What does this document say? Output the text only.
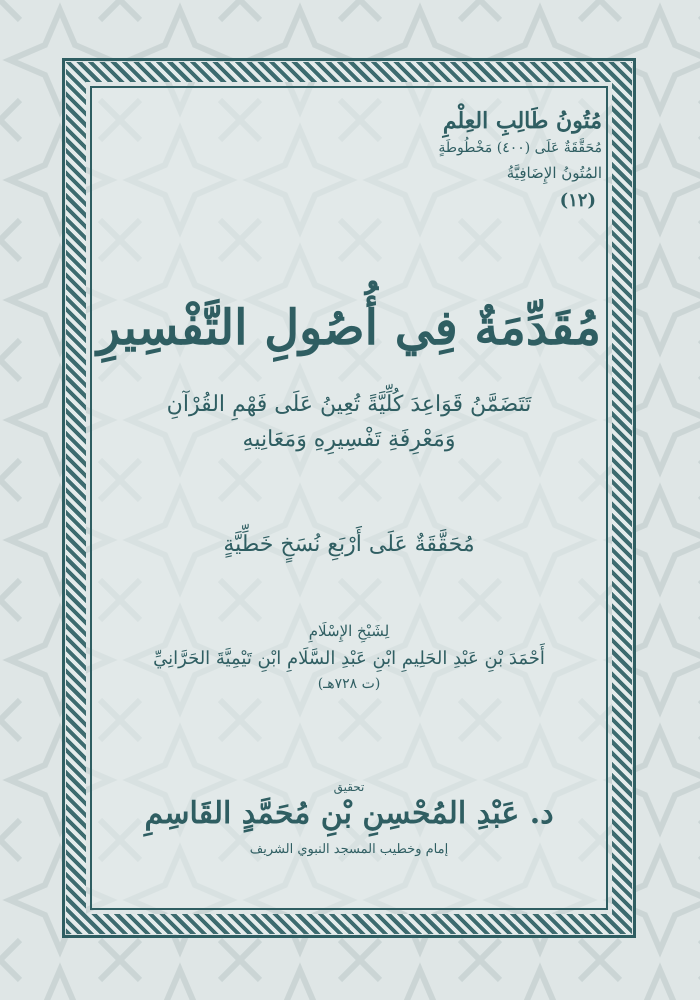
مُتُونُ طَالِبِ العِلْمِ
مُحَقَّقَةٌ عَلَى (٤٠٠) مَخْطُوطَةٍ
المُتُونُ الإِضَافِيَّةُ
(١٢)
مُقَدِّمَةٌ فِي أُصُولِ التَّفْسِيرِ
تَتَضَمَّنُ قَوَاعِدَ كُلِّيَّةً تُعِينُ عَلَى فَهْمِ القُرْآنِ
وَمَعْرِفَةِ تَفْسِيرِهِ وَمَعَانِيهِ
مُحَقَّقَةٌ عَلَى أَرْبَعِ نُسَخٍ خَطِّيَّةٍ
لِشَيْخِ الإِسْلَامِ
أَحْمَدَ بْنِ عَبْدِ الحَلِيمِ ابْنِ عَبْدِ السَّلَامِ ابْنِ تَيْمِيَّةَ الحَرَّانِيِّ
(ت ٧٢٨هـ)
تحقيق
د. عَبْدِ المُحْسِنِ بْنِ مُحَمَّدٍ القَاسِمِ
إمام وخطيب المسجد النبوي الشريف
